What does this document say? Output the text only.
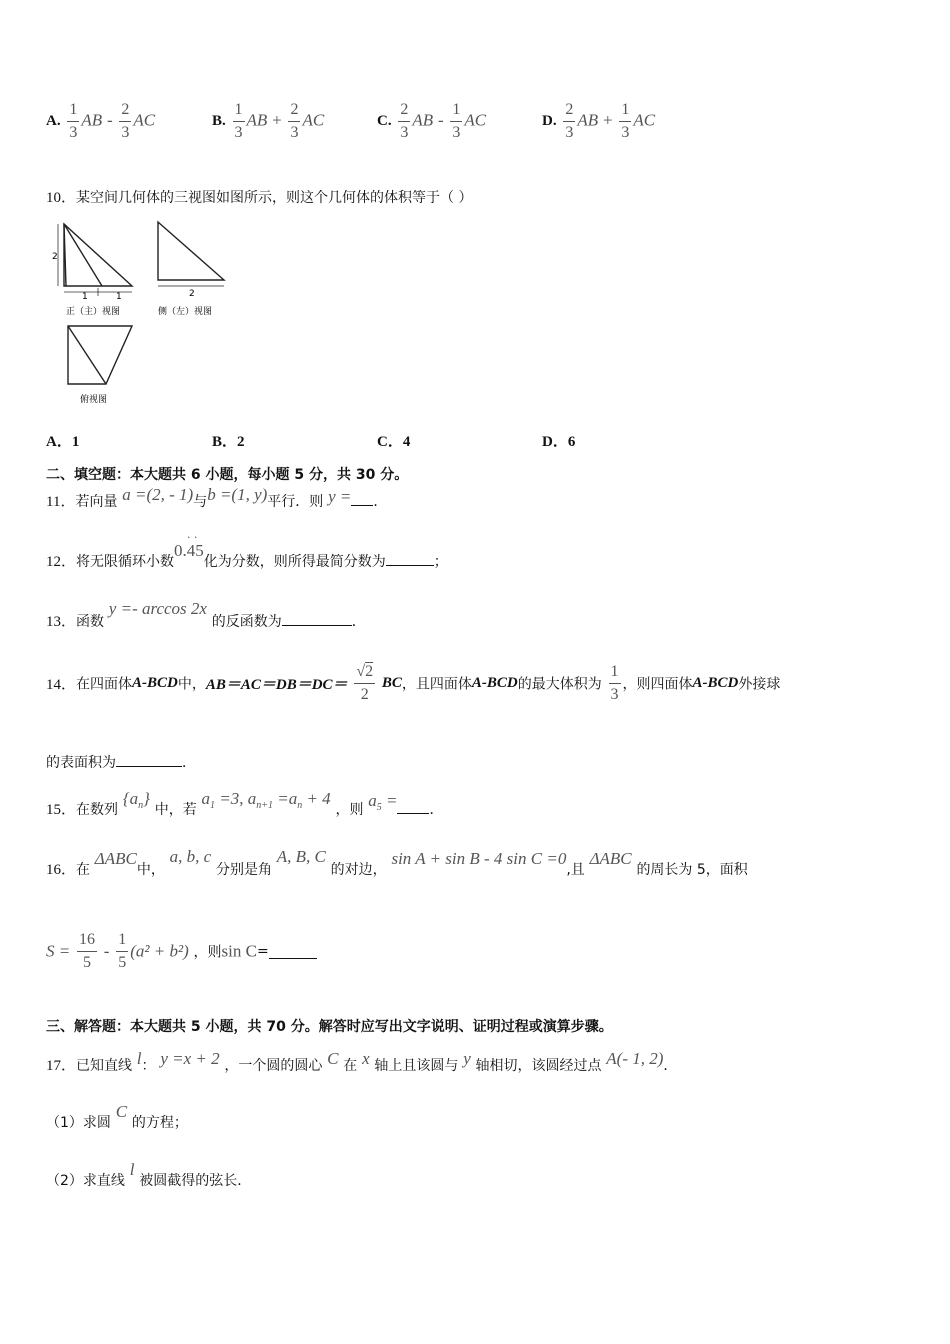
A. $\frac{1}{3}$ AB - $\frac{2}{3}$ AC	B. $\frac{1}{3}$ AB + $\frac{2}{3}$ AC	C. $\frac{2}{3}$ AB - $\frac{1}{3}$ AC	D. $\frac{2}{3}$ AB + $\frac{1}{3}$ AC
10．某空间几何体的三视图如图所示，则这个几何体的体积等于（ ）
2
1	1
正（主）视图
2
侧（左）视图
俯视图
A．1	B．2	C．4	D．6
二、填空题：本大题共 6 小题，每小题 5 分，共 30 分。
11．若向量 a =(2, - 1)与b =(1, y)平行．则 y = ．
12．将无限循环小数
· ·
0.45化为分数，则所得最简分数为	；
13．函数 y =- arccos 2x 的反函数为	．
14．在四面体A-BCD中，$AB=AC=DB=DC= \frac{√2}{2}$ BC，且四面体A-BCD的最大体积为 $\frac{1}{3}$ ，则四面体A-BCD外接球
的表面积为	．
15．在数列 $\{a_n\}$ 中，若 $a_1 =3$, $a_{n+1} =a_n + 4$ ，则 $a_5$ = ．
16．在 ΔABC中， a, b, c 分别是角 A, B, C 的对边， sin A + sin B - 4 sin C =0,且 ΔABC 的周长为 5，面积
$S = \frac{16}{5} - \frac{1}{5} (a^2 + b^2)$ ，则sin C=
三、解答题：本大题共 5 小题，共 70 分。解答时应写出文字说明、证明过程或演算步骤。
17．已知直线 l： y =x + 2 ，一个圆的圆心 C 在 x 轴上且该圆与 y 轴相切，该圆经过点 A(- 1, 2)．
（1）求圆 C 的方程；
（2）求直线 l 被圆截得的弦长．
